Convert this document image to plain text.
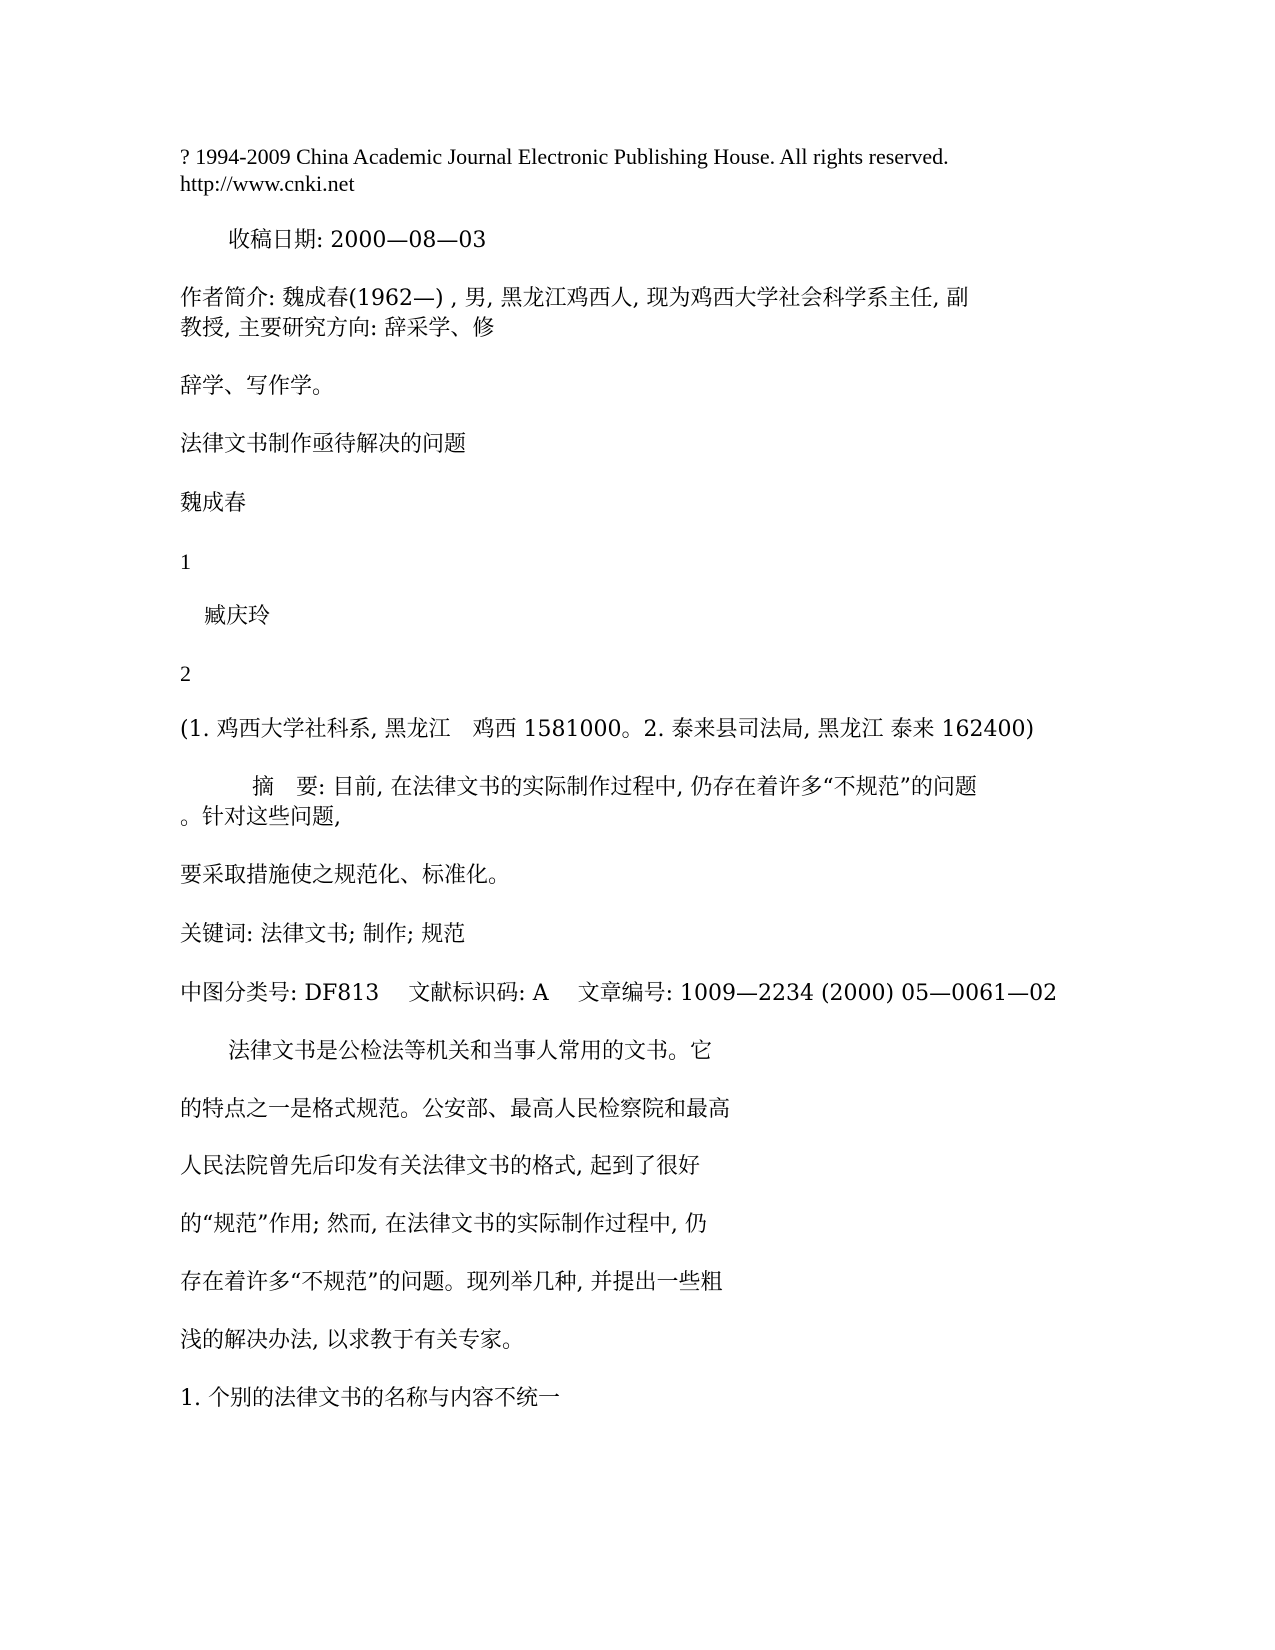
? 1994-2009 China Academic Journal Electronic Publishing House. All rights reserved.
http://www.cnki.net
收稿日期: 2000—08—03
作者简介: 魏成春(1962—) , 男, 黑龙江鸡西人, 现为鸡西大学社会科学系主任, 副
教授, 主要研究方向: 辞采学、修
辞学、写作学。
法律文书制作亟待解决的问题
魏成春
1
臧庆玲
2
(1. 鸡西大学社科系, 黑龙江　鸡西 1581000。2. 泰来县司法局, 黑龙江 泰来 162400)
摘　要: 目前, 在法律文书的实际制作过程中, 仍存在着许多“不规范”的问题
。针对这些问题,
要采取措施使之规范化、标准化。
关键词: 法律文书; 制作; 规范
中图分类号: DF813　 文献标识码: A　 文章编号: 1009—2234 (2000) 05—0061—02
法律文书是公检法等机关和当事人常用的文书。它
的特点之一是格式规范。公安部、最高人民检察院和最高
人民法院曾先后印发有关法律文书的格式, 起到了很好
的“规范”作用; 然而, 在法律文书的实际制作过程中, 仍
存在着许多“不规范”的问题。现列举几种, 并提出一些粗
浅的解决办法, 以求教于有关专家。
1. 个别的法律文书的名称与内容不统一
